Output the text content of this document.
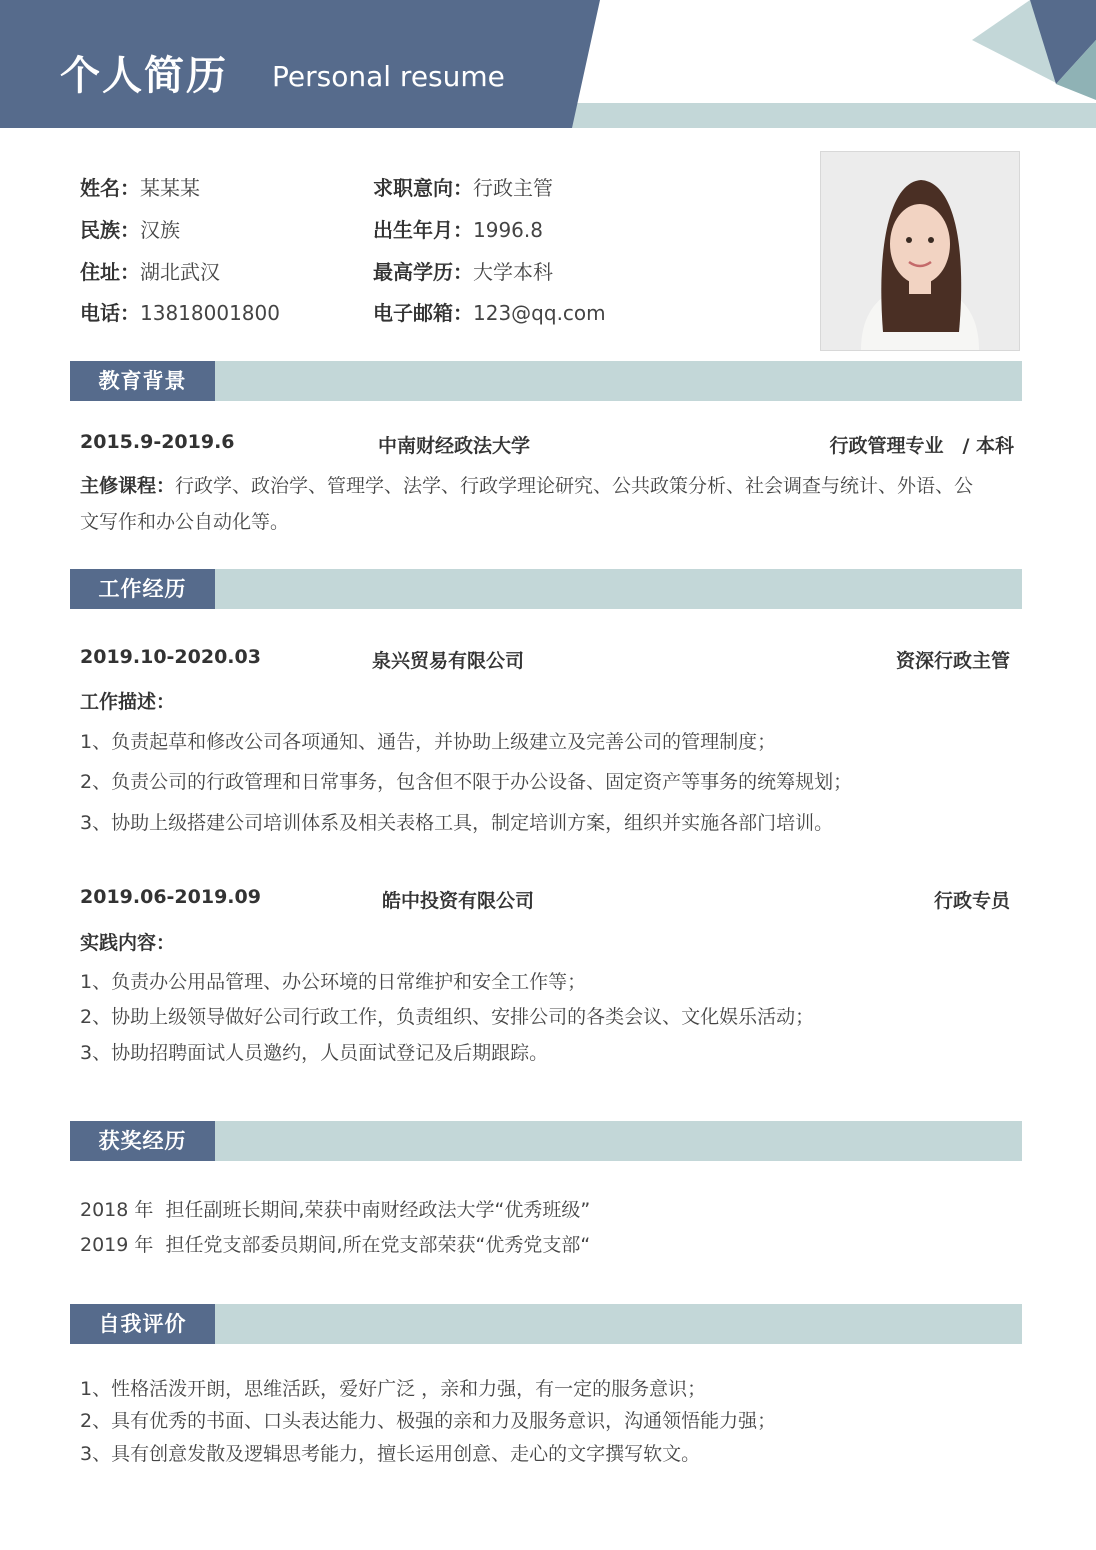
个人简历 Personal resume
姓名：某某某
民族：汉族
住址：湖北武汉
电话：13818001800
求职意向：行政主管
出生年月：1996.8
最高学历：大学本科
电子邮箱：123@qq.com
教育背景
2015.9-2019.6	中南财经政法大学	行政管理专业　/ 本科
主修课程：行政学、政治学、管理学、法学、行政学理论研究、公共政策分析、社会调查与统计、外语、公
文写作和办公自动化等。
工作经历
2019.10-2020.03	泉兴贸易有限公司	资深行政主管
工作描述：
1、负责起草和修改公司各项通知、通告，并协助上级建立及完善公司的管理制度；
2、负责公司的行政管理和日常事务，包含但不限于办公设备、固定资产等事务的统筹规划；
3、协助上级搭建公司培训体系及相关表格工具，制定培训方案，组织并实施各部门培训。
2019.06-2019.09	皓中投资有限公司	行政专员
实践内容：
1、负责办公用品管理、办公环境的日常维护和安全工作等；
2、协助上级领导做好公司行政工作，负责组织、安排公司的各类会议、文化娱乐活动；
3、协助招聘面试人员邀约，人员面试登记及后期跟踪。
获奖经历
2018 年  担任副班长期间,荣获中南财经政法大学“优秀班级”
2019 年  担任党支部委员期间,所在党支部荣获“优秀党支部“
自我评价
1、性格活泼开朗，思维活跃，爱好广泛 ，亲和力强，有一定的服务意识；
2、具有优秀的书面、口头表达能力、极强的亲和力及服务意识，沟通领悟能力强；
3、具有创意发散及逻辑思考能力，擅长运用创意、走心的文字撰写软文。
